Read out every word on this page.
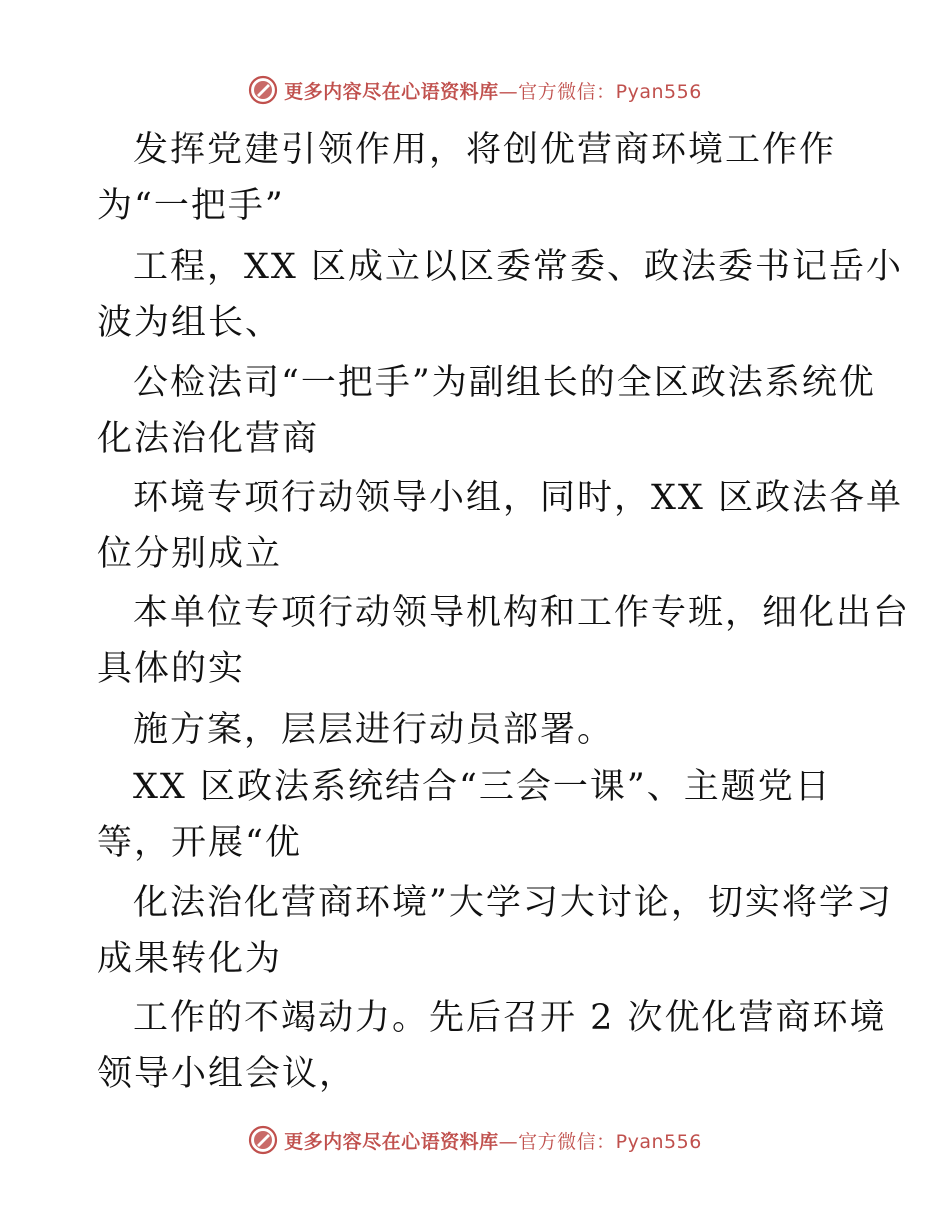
更多内容尽在心语资料库—官方微信：Pyan556
发挥党建引领作用，将创优营商环境工作作
为“一把手”
工程，XX 区成立以区委常委、政法委书记岳小
波为组长、
公检法司“一把手”为副组长的全区政法系统优
化法治化营商
环境专项行动领导小组，同时，XX 区政法各单
位分别成立
本单位专项行动领导机构和工作专班，细化出台
具体的实
施方案，层层进行动员部署。
XX 区政法系统结合“三会一课”、主题党日
等，开展“优
化法治化营商环境”大学习大讨论，切实将学习
成果转化为
工作的不竭动力。先后召开 2 次优化营商环境
领导小组会议，
更多内容尽在心语资料库—官方微信：Pyan556
